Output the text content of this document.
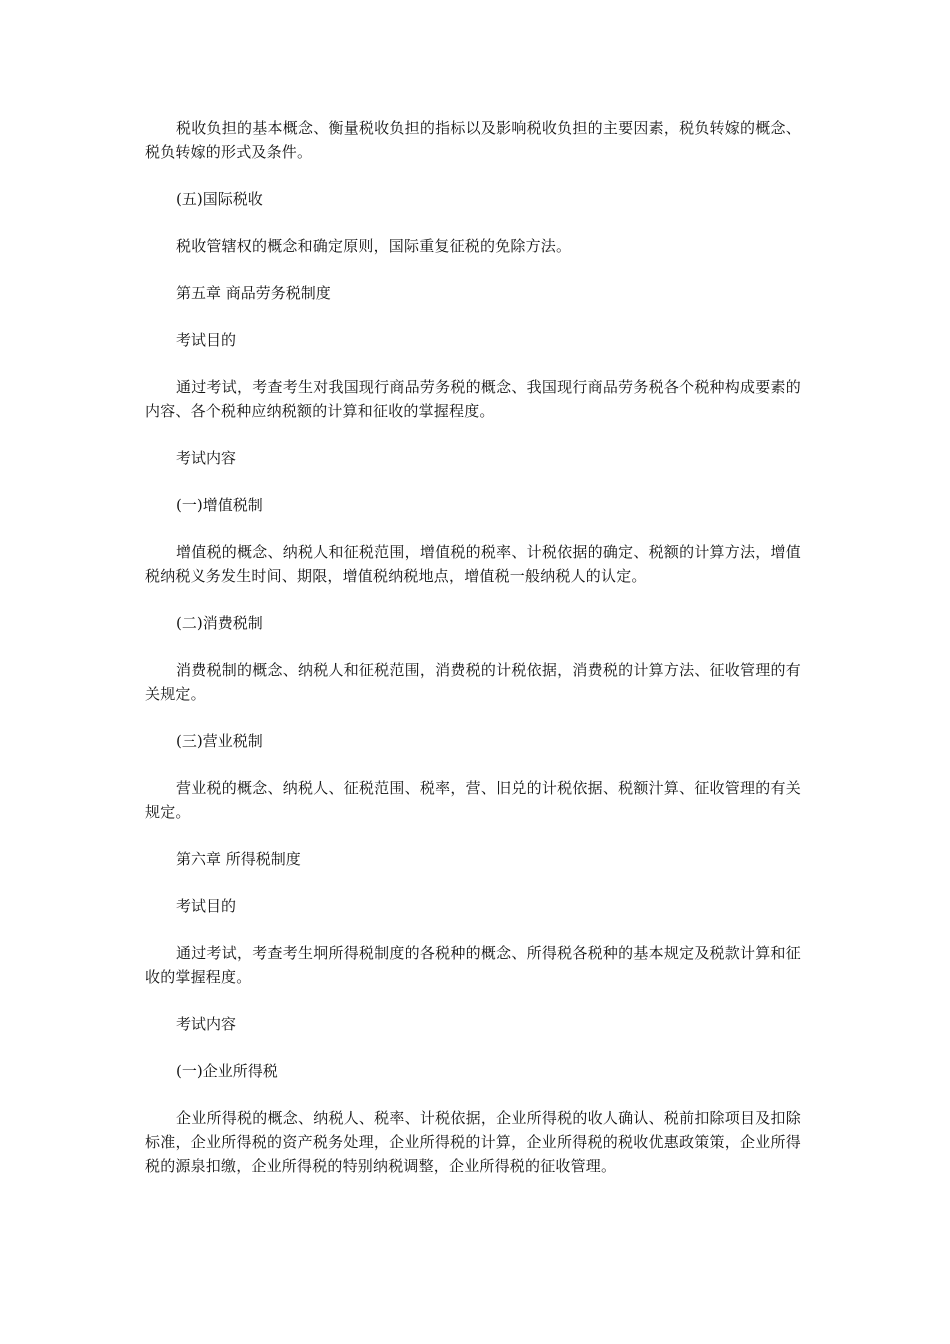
税收负担的基本概念、衡量税收负担的指标以及影响税收负担的主要因素，税负转嫁的概念、税负转嫁的形式及条件。

(五)国际税收

税收管辖权的概念和确定原则，国际重复征税的免除方法。

第五章 商品劳务税制度

考试目的

通过考试，考查考生对我国现行商品劳务税的概念、我国现行商品劳务税各个税种构成要素的内容、各个税种应纳税额的计算和征收的掌握程度。

考试内容

(一)增值税制

增值税的概念、纳税人和征税范围，增值税的税率、计税依据的确定、税额的计算方法，增值税纳税义务发生时间、期限，增值税纳税地点，增值税一般纳税人的认定。

(二)消费税制

消费税制的概念、纳税人和征税范围，消费税的计税依据，消费税的计算方法、征收管理的有关规定。

(三)营业税制

营业税的概念、纳税人、征税范围、税率，营、旧兑的计税依据、税额汁算、征收管理的有关规定。

第六章 所得税制度

考试目的

通过考试，考查考生坰所得税制度的各税种的概念、所得税各税种的基本规定及税款计算和征收的掌握程度。

考试内容

(一)企业所得税

企业所得税的概念、纳税人、税率、计税依据，企业所得税的收人确认、税前扣除项目及扣除标准，企业所得税的资产税务处理，企业所得税的计算，企业所得税的税收优惠政策策，企业所得税的源泉扣缴，企业所得税的特别纳税调整，企业所得税的征收管理。
